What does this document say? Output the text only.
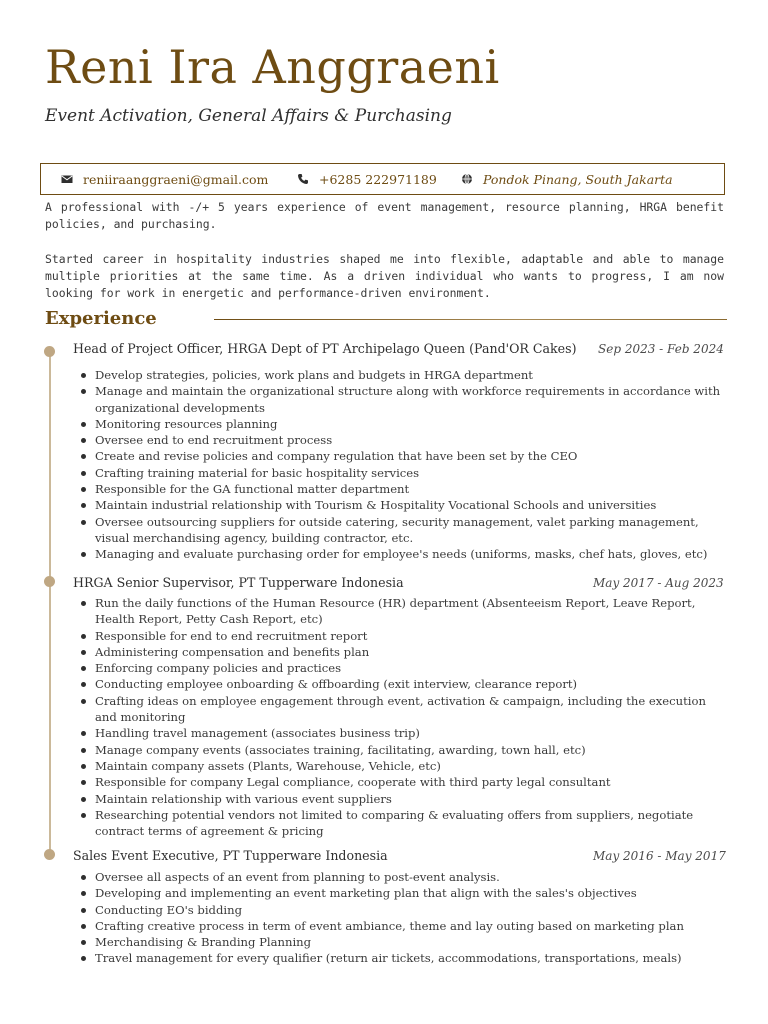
Reni Ira Anggraeni
Event Activation, General Affairs & Purchasing
reniiraanggraeni@gmail.com	+6285 222971189	Pondok Pinang, South Jakarta

A professional with -/+ 5 years experience of event management, resource planning, HRGA benefit policies, and purchasing.

Started career in hospitality industries shaped me into flexible, adaptable and able to manage multiple priorities at the same time. As a driven individual who wants to progress, I am now looking for work in energetic and performance-driven environment.

Experience
Head of Project Officer, HRGA Dept of PT Archipelago Queen (Pand'OR Cakes) Sep 2023 - Feb 2024
Develop strategies, policies, work plans and budgets in HRGA department
Manage and maintain the organizational structure along with workforce requirements in accordance with organizational developments
Monitoring resources planning
Oversee end to end recruitment process
Create and revise policies and company regulation that have been set by the CEO
Crafting training material for basic hospitality services
Responsible for the GA functional matter department
Maintain industrial relationship with Tourism & Hospitality Vocational Schools and universities
Oversee outsourcing suppliers for outside catering, security management, valet parking management, visual merchandising agency, building contractor, etc.
Managing and evaluate purchasing order for employee's needs (uniforms, masks, chef hats, gloves, etc)
HRGA Senior Supervisor, PT Tupperware Indonesia	May 2017 - Aug 2023
Run the daily functions of the Human Resource (HR) department (Absenteeism Report, Leave Report, Health Report, Petty Cash Report, etc)
Responsible for end to end recruitment report
Administering compensation and benefits plan
Enforcing company policies and practices
Conducting employee onboarding & offboarding (exit interview, clearance report)
Crafting ideas on employee engagement through event, activation & campaign, including the execution and monitoring
Handling travel management (associates business trip)
Manage company events (associates training, facilitating, awarding, town hall, etc)
Maintain company assets (Plants, Warehouse, Vehicle, etc)
Responsible for company Legal compliance, cooperate with third party legal consultant
Maintain relationship with various event suppliers
Researching potential vendors not limited to comparing & evaluating offers from suppliers, negotiate contract terms of agreement & pricing
Sales Event Executive, PT Tupperware Indonesia	May 2016 - May 2017
Oversee all aspects of an event from planning to post-event analysis.
Developing and implementing an event marketing plan that align with the sales's objectives
Conducting EO's bidding
Crafting creative process in term of event ambiance, theme and lay outing based on marketing plan
Merchandising & Branding Planning
Travel management for every qualifier (return air tickets, accommodations, transportations, meals)
